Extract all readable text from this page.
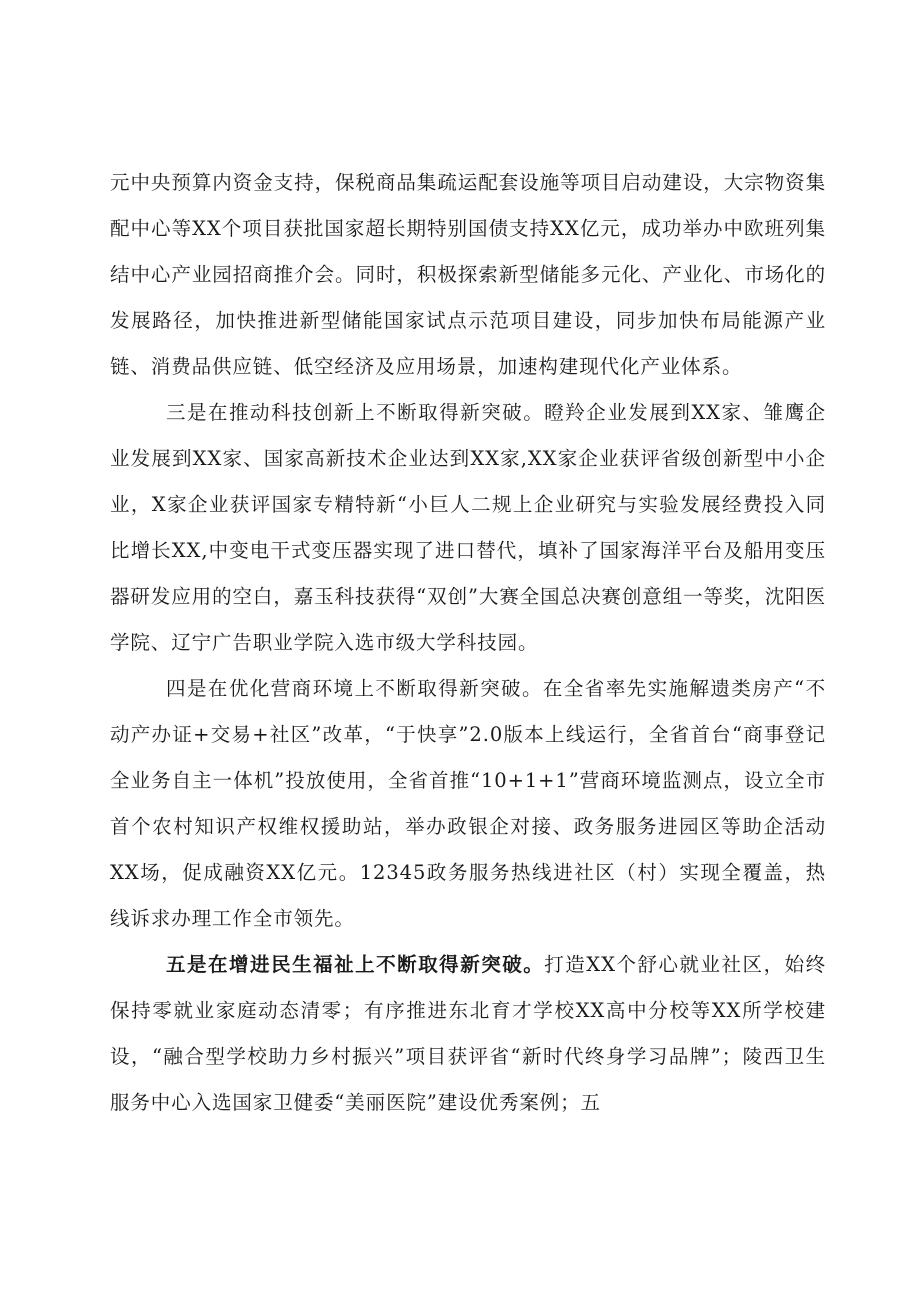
元中央预算内资金支持，保税商品集疏运配套设施等项目启动建设，大宗物资集配中心等XX个项目获批国家超长期特别国债支持XX亿元，成功举办中欧班列集结中心产业园招商推介会。同时，积极探索新型储能多元化、产业化、市场化的发展路径，加快推进新型储能国家试点示范项目建设，同步加快布局能源产业链、消费品供应链、低空经济及应用场景，加速构建现代化产业体系。

三是在推动科技创新上不断取得新突破。瞪羚企业发展到XX家、雏鹰企业发展到XX家、国家高新技术企业达到XX家,XX家企业获评省级创新型中小企业，X家企业获评国家专精特新“小巨人二规上企业研究与实验发展经费投入同比增长XX,中变电干式变压器实现了进口替代，填补了国家海洋平台及船用变压器研发应用的空白，嘉玉科技获得“双创”大赛全国总决赛创意组一等奖，沈阳医学院、辽宁广告职业学院入选市级大学科技园。

四是在优化营商环境上不断取得新突破。在全省率先实施解遗类房产“不动产办证+交易+社区”改革，“于快享”2.0版本上线运行，全省首台“商事登记全业务自主一体机”投放使用，全省首推“10+1+1”营商环境监测点，设立全市首个农村知识产权维权援助站，举办政银企对接、政务服务进园区等助企活动XX场，促成融资XX亿元。12345政务服务热线进社区（村）实现全覆盖，热线诉求办理工作全市领先。

五是在增进民生福祉上不断取得新突破。打造XX个舒心就业社区，始终保持零就业家庭动态清零；有序推进东北育才学校XX高中分校等XX所学校建设，“融合型学校助力乡村振兴”项目获评省“新时代终身学习品牌”；陵西卫生服务中心入选国家卫健委“美丽医院”建设优秀案例；五
